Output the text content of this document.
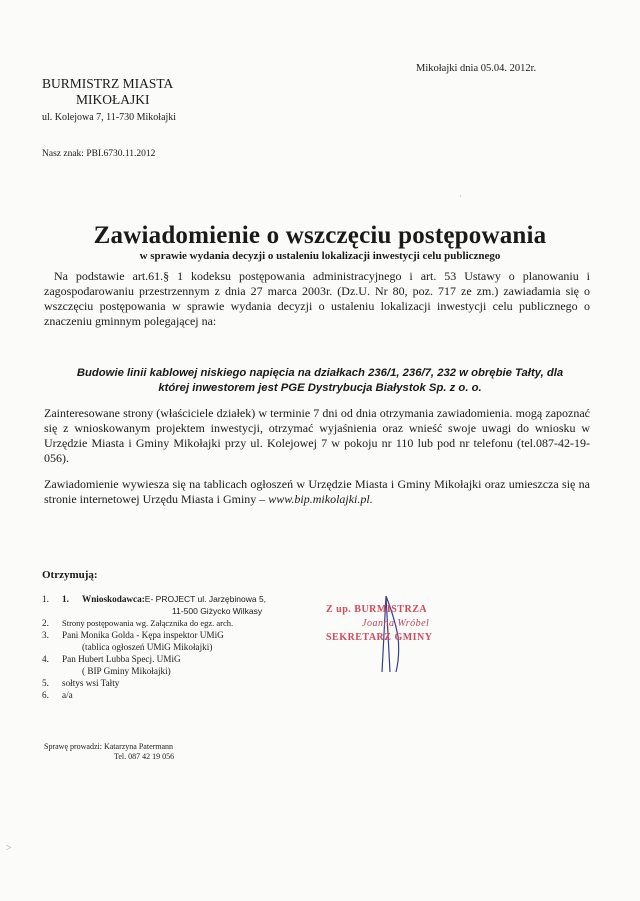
Mikołajki dnia 05.04. 2012r.
BURMISTRZ MIASTA
MIKOŁAJKI
ul. Kolejowa 7, 11-730 Mikołajki
Nasz znak: PBI.6730.11.2012
·
Zawiadomienie o wszczęciu postępowania
w sprawie wydania decyzji o ustaleniu lokalizacji inwestycji celu publicznego
Na podstawie art.61.§ 1 kodeksu postępowania administracyjnego i art. 53 Ustawy o planowaniu i zagospodarowaniu przestrzennym z dnia 27 marca 2003r. (Dz.U. Nr 80, poz. 717 ze zm.) zawiadamia się o wszczęciu postępowania w sprawie wydania decyzji o ustaleniu lokalizacji inwestycji celu publicznego o znaczeniu gminnym polegającej na:
Budowie linii kablowej niskiego napięcia na działkach 236/1, 236/7, 232 w obrębie Tałty, dla
której inwestorem jest PGE Dystrybucja Białystok Sp. z o. o.
Zainteresowane strony (właściciele działek) w terminie 7 dni od dnia otrzymania zawiadomienia. mogą zapoznać się z wnioskowanym projektem inwestycji, otrzymać wyjaśnienia oraz wnieść swoje uwagi do wniosku w Urzędzie Miasta i Gminy Mikołajki przy ul. Kolejowej 7 w pokoju nr 110 lub pod nr telefonu (tel.087-42-19-056).
Zawiadomienie wywiesza się na tablicach ogłoszeń w Urzędzie Miasta i Gminy Mikołajki oraz umieszcza się na stronie internetowej Urzędu Miasta i Gminy – www.bip.mikolajki.pl.
Otrzymują:
1.	1.	Wnioskodawca: E- PROJECT ul. Jarzębinowa 5,
11-500 Giżycko Wilkasy
2.	Strony postępowania wg. Załącznika do egz. arch.
3.	Pani Monika Golda - Kępa inspektor UMiG
(tablica ogłoszeń UMiG Mikołajki)
4.	Pan Hubert Lubba Specj. UMiG
( BIP Gminy Mikołajki)
5.	sołtys wsi Tałty
6.	a/a
Z up. BURMISTRZA
Joanna Wróbel
SEKRETARZ GMINY
Sprawę prowadzi: Katarzyna Patermann
Tel. 087 42 19 056
>
